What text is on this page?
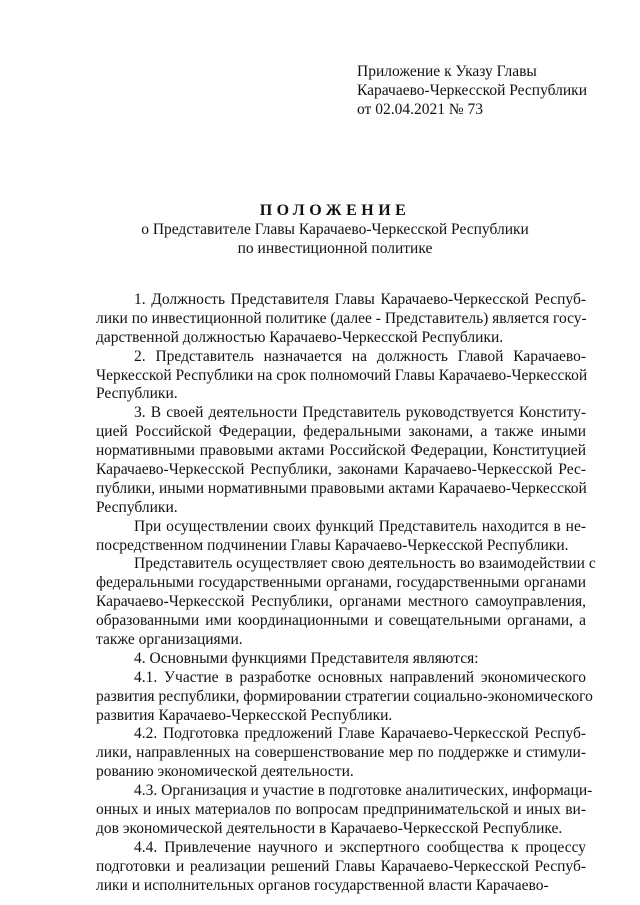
Приложение к Указу Главы
Карачаево-Черкесской Республики
от 02.04.2021 № 73
ПОЛОЖЕНИЕ
о Представителе Главы Карачаево-Черкесской Республики
по инвестиционной политике
1. Должность Представителя Главы Карачаево-Черкесской Респуб-
лики по инвестиционной политике (далее - Представитель) является госу-
дарственной должностью Карачаево-Черкесской Республики.
2. Представитель назначается на должность Главой Карачаево-
Черкесской Республики на срок полномочий Главы Карачаево-Черкесской
Республики.
3. В своей деятельности Представитель руководствуется Конститу-
цией Российской Федерации, федеральными законами, а также иными
нормативными правовыми актами Российской Федерации, Конституцией
Карачаево-Черкесской Республики, законами Карачаево-Черкесской Рес-
публики, иными нормативными правовыми актами Карачаево-Черкесской
Республики.
При осуществлении своих функций Представитель находится в не-
посредственном подчинении Главы Карачаево-Черкесской Республики.
Представитель осуществляет свою деятельность во взаимодействии с
федеральными государственными органами, государственными органами
Карачаево-Черкесской Республики, органами местного самоуправления,
образованными ими координационными и совещательными органами, а
также организациями.
4. Основными функциями Представителя являются:
4.1. Участие в разработке основных направлений экономического
развития республики, формировании стратегии социально-экономического
развития Карачаево-Черкесской Республики.
4.2. Подготовка предложений Главе Карачаево-Черкесской Респуб-
лики, направленных на совершенствование мер по поддержке и стимули-
рованию экономической деятельности.
4.3. Организация и участие в подготовке аналитических, информаци-
онных и иных материалов по вопросам предпринимательской и иных ви-
дов экономической деятельности в Карачаево-Черкесской Республике.
4.4. Привлечение научного и экспертного сообщества к процессу
подготовки и реализации решений Главы Карачаево-Черкесской Респуб-
лики и исполнительных органов государственной власти Карачаево-
